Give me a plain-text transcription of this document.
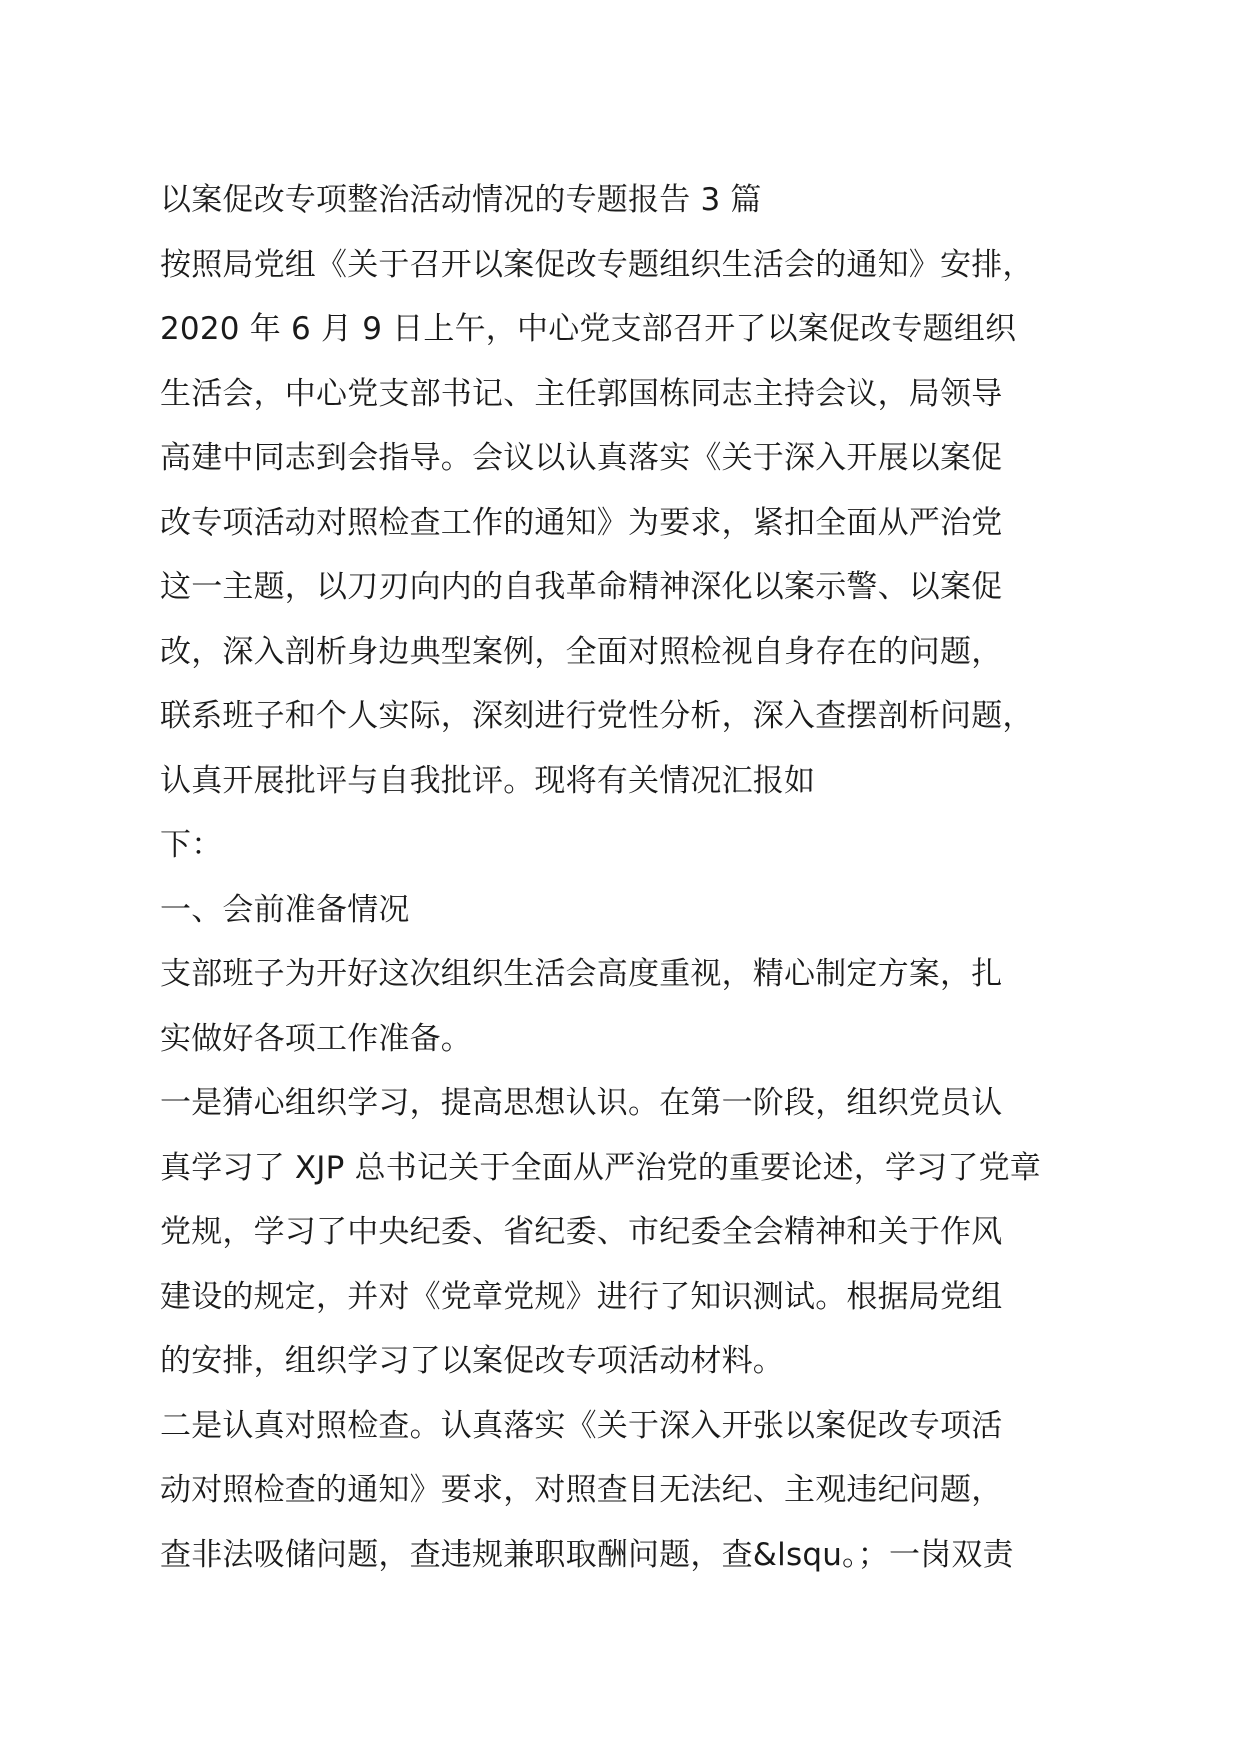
以案促改专项整治活动情况的专题报告 3 篇
按照局党组《关于召开以案促改专题组织生活会的通知》安排，
2020 年 6 月 9 日上午，中心党支部召开了以案促改专题组织
生活会，中心党支部书记、主任郭国栋同志主持会议，局领导
高建中同志到会指导。会议以认真落实《关于深入开展以案促
改专项活动对照检查工作的通知》为要求，紧扣全面从严治党
这一主题，以刀刃向内的自我革命精神深化以案示警、以案促
改，深入剖析身边典型案例，全面对照检视自身存在的问题，
联系班子和个人实际，深刻进行党性分析，深入查摆剖析问题，
认真开展批评与自我批评。现将有关情况汇报如
下：
一、会前准备情况
支部班子为开好这次组织生活会高度重视，精心制定方案，扎
实做好各项工作准备。
一是猜心组织学习，提高思想认识。在第一阶段，组织党员认
真学习了 XJP 总书记关于全面从严治党的重要论述，学习了党章
党规，学习了中央纪委、省纪委、市纪委全会精神和关于作风
建设的规定，并对《党章党规》进行了知识测试。根据局党组
的安排，组织学习了以案促改专项活动材料。
二是认真对照检查。认真落实《关于深入开张以案促改专项活
动对照检查的通知》要求，对照查目无法纪、主观违纪问题，
查非法吸储问题，查违规兼职取酬问题，查&lsqu。；一岗双责
